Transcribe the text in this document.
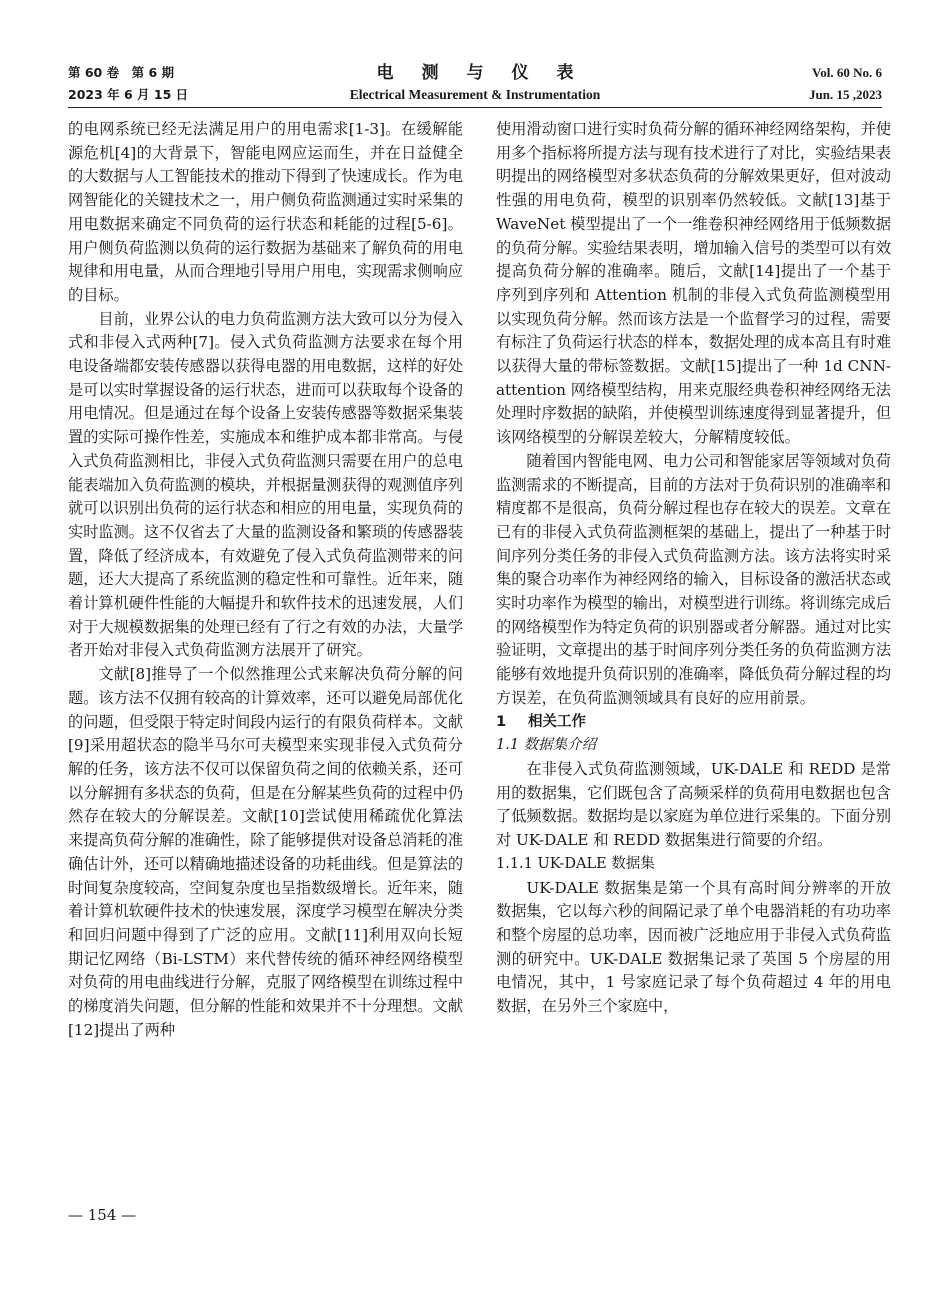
第 60 卷　第 6 期
2023 年 6 月 15 日
电测与仪表
Electrical Measurement & Instrumentation
Vol. 60 No. 6
Jun. 15 ,2023

的电网系统已经无法满足用户的用电需求[1-3]。在缓解能源危机[4]的大背景下，智能电网应运而生，并在日益健全的大数据与人工智能技术的推动下得到了快速成长。作为电网智能化的关键技术之一，用户侧负荷监测通过实时采集的用电数据来确定不同负荷的运行状态和耗能的过程[5-6]。用户侧负荷监测以负荷的运行数据为基础来了解负荷的用电规律和用电量，从而合理地引导用户用电，实现需求侧响应的目标。

目前，业界公认的电力负荷监测方法大致可以分为侵入式和非侵入式两种[7]。侵入式负荷监测方法要求在每个用电设备端都安装传感器以获得电器的用电数据，这样的好处是可以实时掌握设备的运行状态，进而可以获取每个设备的用电情况。但是通过在每个设备上安装传感器等数据采集装置的实际可操作性差，实施成本和维护成本都非常高。与侵入式负荷监测相比，非侵入式负荷监测只需要在用户的总电能表端加入负荷监测的模块，并根据量测获得的观测值序列就可以识别出负荷的运行状态和相应的用电量，实现负荷的实时监测。这不仅省去了大量的监测设备和繁琐的传感器装置，降低了经济成本，有效避免了侵入式负荷监测带来的问题，还大大提高了系统监测的稳定性和可靠性。近年来，随着计算机硬件性能的大幅提升和软件技术的迅速发展，人们对于大规模数据集的处理已经有了行之有效的办法，大量学者开始对非侵入式负荷监测方法展开了研究。

文献[8]推导了一个似然推理公式来解决负荷分解的问题。该方法不仅拥有较高的计算效率，还可以避免局部优化的问题，但受限于特定时间段内运行的有限负荷样本。文献[9]采用超状态的隐半马尔可夫模型来实现非侵入式负荷分解的任务，该方法不仅可以保留负荷之间的依赖关系，还可以分解拥有多状态的负荷，但是在分解某些负荷的过程中仍然存在较大的分解误差。文献[10]尝试使用稀疏优化算法来提高负荷分解的准确性，除了能够提供对设备总消耗的准确估计外，还可以精确地描述设备的功耗曲线。但是算法的时间复杂度较高，空间复杂度也呈指数级增长。近年来，随着计算机软硬件技术的快速发展，深度学习模型在解决分类和回归问题中得到了广泛的应用。文献[11]利用双向长短期记忆网络（Bi-LSTM）来代替传统的循环神经网络模型对负荷的用电曲线进行分解，克服了网络模型在训练过程中的梯度消失问题，但分解的性能和效果并不十分理想。文献[12]提出了两种

使用滑动窗口进行实时负荷分解的循环神经网络架构，并使用多个指标将所提方法与现有技术进行了对比，实验结果表明提出的网络模型对多状态负荷的分解效果更好，但对波动性强的用电负荷，模型的识别率仍然较低。文献[13]基于 WaveNet 模型提出了一个一维卷积神经网络用于低频数据的负荷分解。实验结果表明，增加输入信号的类型可以有效提高负荷分解的准确率。随后，文献[14]提出了一个基于序列到序列和 Attention 机制的非侵入式负荷监测模型用以实现负荷分解。然而该方法是一个监督学习的过程，需要有标注了负荷运行状态的样本，数据处理的成本高且有时难以获得大量的带标签数据。文献[15]提出了一种 1d CNN-attention 网络模型结构，用来克服经典卷积神经网络无法处理时序数据的缺陷，并使模型训练速度得到显著提升，但该网络模型的分解误差较大，分解精度较低。

随着国内智能电网、电力公司和智能家居等领域对负荷监测需求的不断提高，目前的方法对于负荷识别的准确率和精度都不是很高，负荷分解过程也存在较大的误差。文章在已有的非侵入式负荷监测框架的基础上，提出了一种基于时间序列分类任务的非侵入式负荷监测方法。该方法将实时采集的聚合功率作为神经网络的输入，目标设备的激活状态或实时功率作为模型的输出，对模型进行训练。将训练完成后的网络模型作为特定负荷的识别器或者分解器。通过对比实验证明，文章提出的基于时间序列分类任务的负荷监测方法能够有效地提升负荷识别的准确率，降低负荷分解过程的均方误差，在负荷监测领域具有良好的应用前景。

1 相关工作
1.1 数据集介绍

在非侵入式负荷监测领域，UK-DALE 和 REDD 是常用的数据集，它们既包含了高频采样的负荷用电数据也包含了低频数据。数据均是以家庭为单位进行采集的。下面分别对 UK-DALE 和 REDD 数据集进行简要的介绍。

1.1.1 UK-DALE 数据集

UK-DALE 数据集是第一个具有高时间分辨率的开放数据集，它以每六秒的间隔记录了单个电器消耗的有功功率和整个房屋的总功率，因而被广泛地应用于非侵入式负荷监测的研究中。UK-DALE 数据集记录了英国 5 个房屋的用电情况，其中，1 号家庭记录了每个负荷超过 4 年的用电数据，在另外三个家庭中，

— 154 —
